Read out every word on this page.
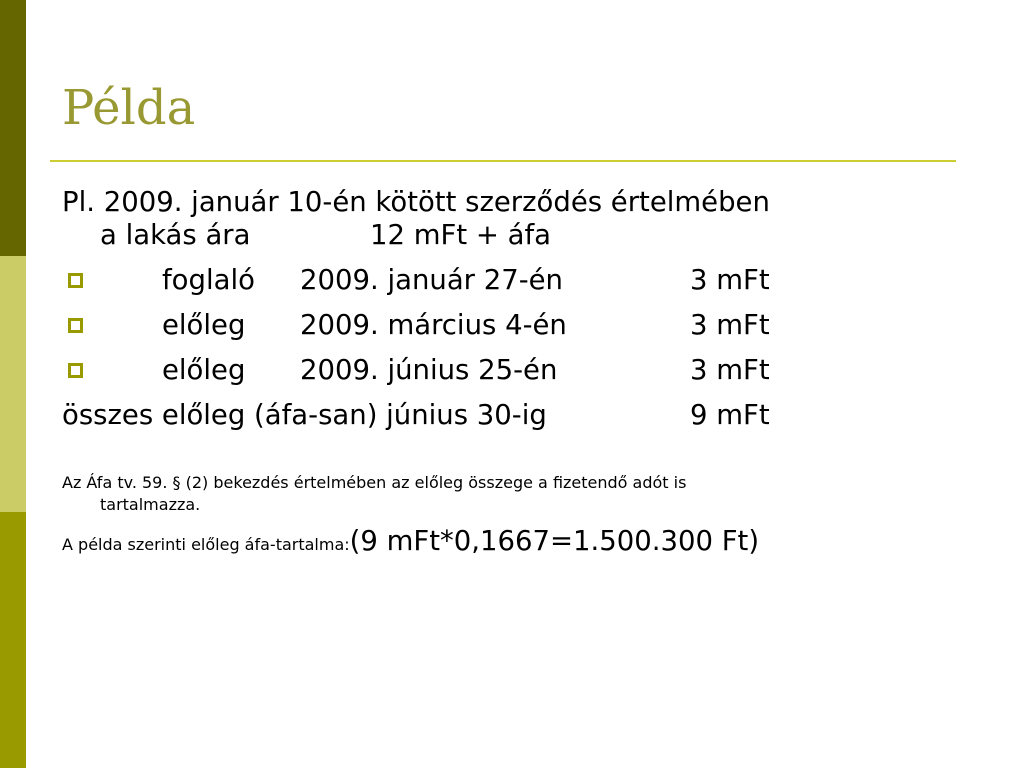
Példa
Pl. 2009. január 10-én kötött szerződés értelmében
a lakás ára	12 mFt + áfa
foglaló 2009. január 27-én	3 mFt
előleg 2009. március 4-én	3 mFt
előleg 2009. június 25-én	3 mFt
összes előleg (áfa-san) június 30-ig	9 mFt
Az Áfa tv. 59. § (2) bekezdés értelmében az előleg összege a fizetendő adót is
tartalmazza.
A példa szerinti előleg áfa-tartalma:(9 mFt*0,1667=1.500.300 Ft)
